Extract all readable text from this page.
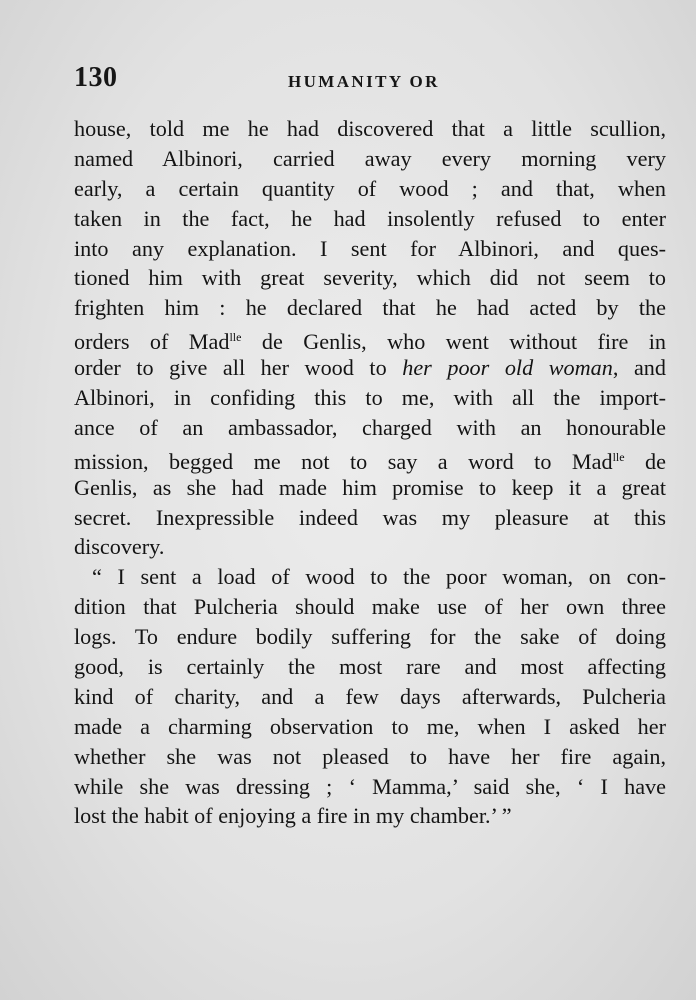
130	HUMANITY OR
house, told me he had discovered that a little scullion,
named Albinori, carried away every morning very
early, a certain quantity of wood ; and that, when
taken in the fact, he had insolently refused to enter
into any explanation. I sent for Albinori, and ques-
tioned him with great severity, which did not seem to
frighten him : he declared that he had acted by the
orders of Mad$^{lle}$ de Genlis, who went without fire in
order to give all her wood to her poor old woman, and
Albinori, in confiding this to me, with all the import-
ance of an ambassador, charged with an honourable
mission, begged me not to say a word to Mad$^{lle}$ de
Genlis, as she had made him promise to keep it a great
secret. Inexpressible indeed was my pleasure at this
discovery.
“ I sent a load of wood to the poor woman, on con-
dition that Pulcheria should make use of her own three
logs. To endure bodily suffering for the sake of doing
good, is certainly the most rare and most affecting
kind of charity, and a few days afterwards, Pulcheria
made a charming observation to me, when I asked her
whether she was not pleased to have her fire again,
while she was dressing ; ‘ Mamma,’ said she, ‘ I have
lost the habit of enjoying a fire in my chamber.’ ”
